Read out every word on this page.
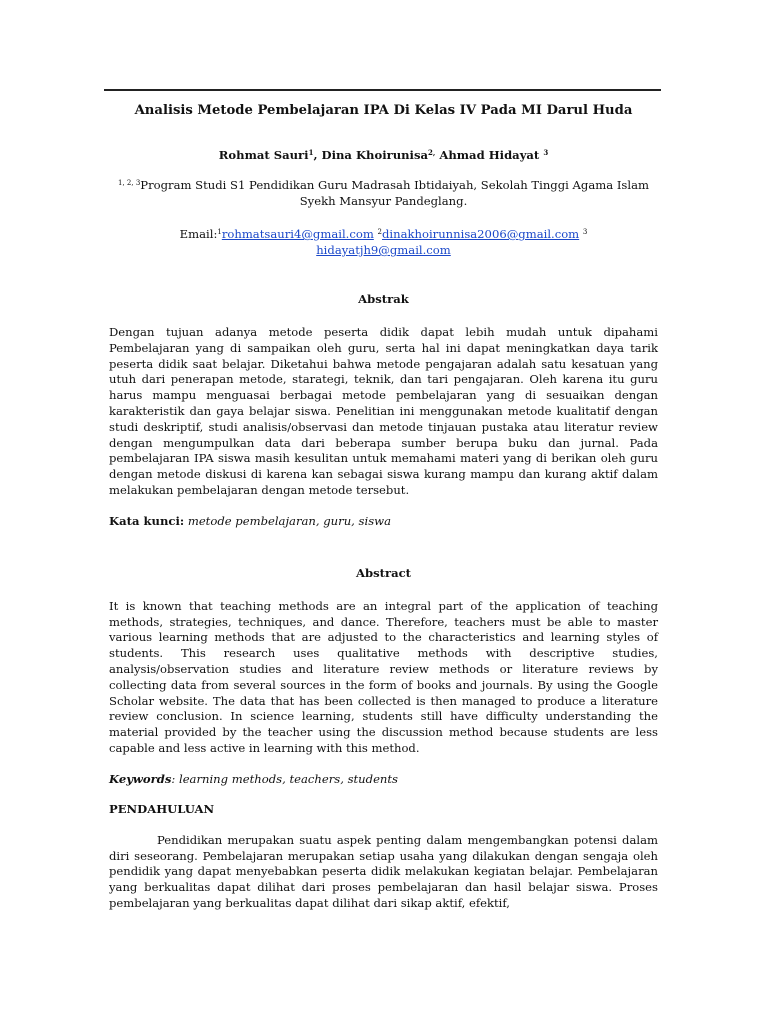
Analisis Metode Pembelajaran IPA Di Kelas IV Pada MI Darul Huda
Rohmat Sauri$^1$, Dina Khoirunisa$^{2,}$ Ahmad Hidayat $^3$
$^{1, 2, 3}$Program Studi S1 Pendidikan Guru Madrasah Ibtidaiyah, Sekolah Tinggi Agama Islam
Syekh Mansyur Pandeglang.
Email:$^1$rohmatsauri4@gmail.com $^2$dinakhoirunnisa2006@gmail.com $^3$
hidayatjh9@gmail.com
Abstrak

Dengan tujuan adanya metode peserta didik dapat lebih mudah untuk dipahami Pembelajaran yang di sampaikan oleh guru, serta hal ini dapat meningkatkan daya tarik peserta didik saat belajar. Diketahui bahwa metode pengajaran adalah satu kesatuan yang utuh dari penerapan metode, starategi, teknik, dan tari pengajaran. Oleh karena itu guru harus mampu menguasai berbagai metode pembelajaran yang di sesuaikan dengan karakteristik dan gaya belajar siswa. Penelitian ini menggunakan metode kualitatif dengan studi deskriptif, studi analisis/observasi dan metode tinjauan pustaka atau literatur review dengan mengumpulkan data dari beberapa sumber berupa buku dan jurnal. Pada pembelajaran IPA siswa masih kesulitan untuk memahami materi yang di berikan oleh guru dengan metode diskusi di karena kan sebagai siswa kurang mampu dan kurang aktif dalam melakukan pembelajaran dengan metode tersebut.

Kata kunci: metode pembelajaran, guru, siswa
Abstract

It is known that teaching methods are an integral part of the application of teaching methods, strategies, techniques, and dance. Therefore, teachers must be able to master various learning methods that are adjusted to the characteristics and learning styles of students. This research uses qualitative methods with descriptive studies, analysis/observation studies and literature review methods or literature reviews by collecting data from several sources in the form of books and journals. By using the Google Scholar website. The data that has been collected is then managed to produce a literature review conclusion. In science learning, students still have difficulty understanding the material provided by the teacher using the discussion method because students are less capable and less active in learning with this method.

Keywords: learning methods, teachers, students
PENDAHULUAN

Pendidikan merupakan suatu aspek penting dalam mengembangkan potensi dalam diri seseorang. Pembelajaran merupakan setiap usaha yang dilakukan dengan sengaja oleh pendidik yang dapat menyebabkan peserta didik melakukan kegiatan belajar. Pembelajaran yang berkualitas dapat dilihat dari proses pembelajaran dan hasil belajar siswa. Proses pembelajaran yang berkualitas dapat dilihat dari sikap aktif, efektif,
